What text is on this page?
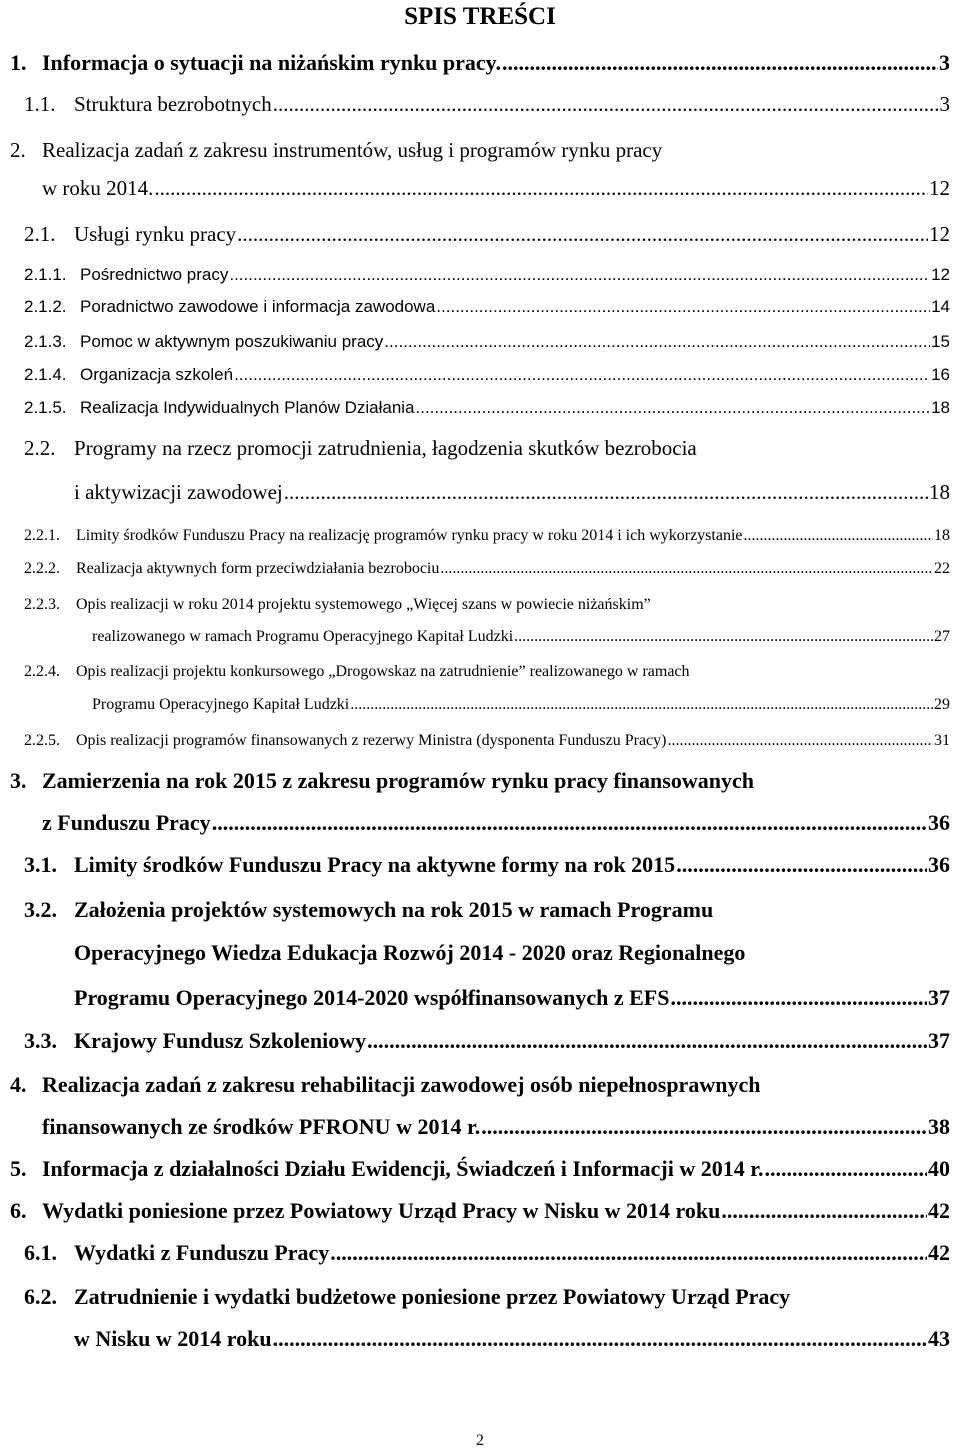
SPIS TREŚCI
1. Informacja o sytuacji na niżańskim rynku pracy. .....	3
1.1. Struktura bezrobotnych .....	3
2. Realizacja zadań z zakresu instrumentów, usług i programów rynku pracy
w roku 2014. .....	12
2.1. Usługi rynku pracy .....	12
2.1.1. Pośrednictwo pracy .....	12
2.1.2. Poradnictwo zawodowe i informacja zawodowa .....	14
2.1.3. Pomoc w aktywnym poszukiwaniu pracy .....	15
2.1.4. Organizacja szkoleń .....	16
2.1.5. Realizacja Indywidualnych Planów Działania .....	18
2.2. Programy na rzecz promocji zatrudnienia, łagodzenia skutków bezrobocia
i aktywizacji zawodowej .....	18
2.2.1.	Limity środków Funduszu Pracy na realizację programów rynku pracy w roku 2014 i ich wykorzystanie .....	18
2.2.2.	Realizacja aktywnych form przeciwdziałania bezrobociu .....	22
2.2.3.	Opis realizacji w roku 2014 projektu systemowego „Więcej szans w powiecie niżańskim”
realizowanego w ramach Programu Operacyjnego Kapitał Ludzki .....	27
2.2.4.	Opis realizacji projektu konkursowego „Drogowskaz na zatrudnienie” realizowanego w ramach
Programu Operacyjnego Kapitał Ludzki .....	29
2.2.5.	Opis realizacji programów finansowanych z rezerwy Ministra (dysponenta Funduszu Pracy) .....	31
3. Zamierzenia na rok 2015 z zakresu programów rynku pracy finansowanych
z Funduszu Pracy .....	36
3.1. Limity środków Funduszu Pracy na aktywne formy na rok 2015 .....	36
3.2. Założenia projektów systemowych na rok 2015 w ramach Programu
Operacyjnego Wiedza Edukacja Rozwój 2014 - 2020 oraz Regionalnego
Programu Operacyjnego 2014-2020 współfinansowanych z EFS .....	37
3.3. Krajowy Fundusz Szkoleniowy .....	37
4. Realizacja zadań z zakresu rehabilitacji zawodowej osób niepełnosprawnych
finansowanych ze środków PFRONU w 2014 r. .....	38
5. Informacja z działalności Działu Ewidencji, Świadczeń i Informacji w 2014 r. .....	40
6. Wydatki poniesione przez Powiatowy Urząd Pracy w Nisku w 2014 roku .....	42
6.1. Wydatki z Funduszu Pracy .....	42
6.2. Zatrudnienie i wydatki budżetowe poniesione przez Powiatowy Urząd Pracy
w Nisku w 2014 roku .....	43
2
